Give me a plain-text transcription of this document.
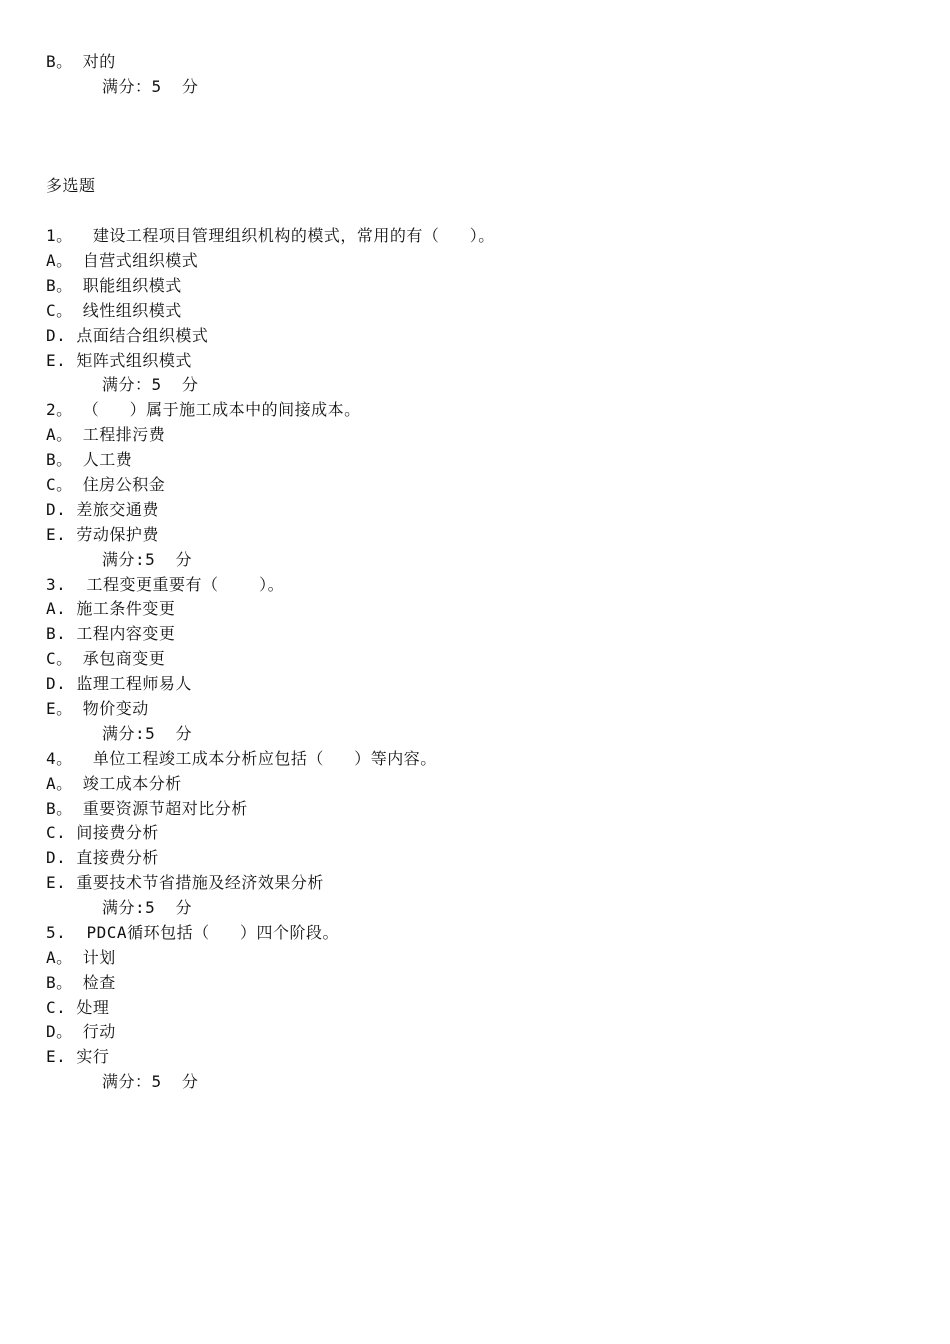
B。 对的
满分：5  分
多选题
1。  建设工程项目管理组织机构的模式，常用的有（   ）。
A。 自营式组织模式
B。 职能组织模式
C。 线性组织模式
D. 点面结合组织模式
E. 矩阵式组织模式
满分：5  分
2。 （   ）属于施工成本中的间接成本。
A。 工程排污费
B。 人工费
C。 住房公积金
D. 差旅交通费
E. 劳动保护费
满分:5  分
3.  工程变更重要有（    ）。
A. 施工条件变更
B. 工程内容变更
C。 承包商变更
D. 监理工程师易人
E。 物价变动
满分:5  分
4。  单位工程竣工成本分析应包括（   ）等内容。
A。 竣工成本分析
B。 重要资源节超对比分析
C. 间接费分析
D. 直接费分析
E. 重要技术节省措施及经济效果分析
满分:5  分
5.  PDCA循环包括（   ）四个阶段。
A。 计划
B。 检查
C. 处理
D。 行动
E. 实行
满分：5  分
